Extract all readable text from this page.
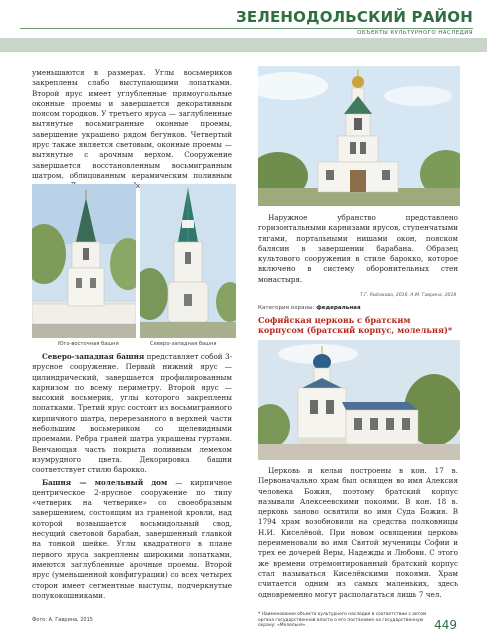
ЗЕЛЕНОДОЛЬСКИЙ РАЙОН
ОБЪЕКТЫ КУЛЬТУРНОГО НАСЛЕДИЯ

уменьшаются в размерах. Углы восьмериков закреплены слабо выступающими лопатками. Второй ярус имеет углубленные прямоугольные оконные проемы и завершается декоративным поясом городков. У третьего яруса — заглубленные вытянутые восьмигранные оконные проемы, завершение украшено рядом бегунков. Четвертый ярус также является световым, оконные проемы — вытянутые с арочным верхом. Сооружение завершается восстановленным восьмигранным шатром, облицованным керамическим поливным

Юго-восточная башня	Северо-западная башня

Северо-западная башня представляет собой 3-ярусное сооружение. Первый нижний ярус — цилиндрический, завершается профилированным карнизом по всему периметру. Второй ярус — высокий восьмерик, углы которого закреплены лопатками. Третий ярус состоит из восьмигранного кирпичного шатра, перерезанного в верхней части небольшим восьмериком со щелевидными проемами. Ребра граней шатра украшены гуртами. Венчающая часть покрыта поливным лемехом изумрудного цвета. Декорировка башни соответствует стилю барокко.

Башня — молельный дом — кирпичное центрическое 2-ярусное сооружение по типу «четверик на четверике» со своеобразным завершением, состоящим из граненой кровли, над которой возвышается восьмидольный свод, несущий световой барабан, завершенный главкой на тонкой шейке. Углы квадратного в плане первого яруса закреплены широкими лопатками, имеются заглубленные арочные проемы. Второй ярус (уменьшенной конфигурации) со всех четырех сторон имеет сегментные выступы, подчеркнутые полукокошниками.

Наружное убранство представлено горизонтальными карнизами ярусов, ступенчатыми тягами, портальными нишами окон, пояском балясин в завершении барабана. Образец культового сооружения в стиле барокко, которое включено в систему оборонительных стен монастыря.

Т.Г. Рыбакова, 2016, А.М. Гаврина, 2018
Категория охраны: федеральная
Софийская церковь с братским корпусом (братский корпус, молельня)*

Церковь и кельи построены в кон. 17 в. Первоначально храм был освящен во имя Алексия человека Божия, поэтому братский корпус называли Алексеевскими покоями. В кон. 18 в. церковь заново освятили во имя Суда Божия. В 1794 храм возобновили на средства полковницы Н.И. Киселёвой. При новом освящении церковь переименовали во имя Святой мученицы Софии и трех ее дочерей Веры, Надежды и Любови. С этого же времени отремонтированный братский корпус стал называться Киселёвскими покоями. Храм считается одним из самых маленьких, здесь одновременно могут располагаться лишь 7 чел.

Фото: А. Гаврина, 2015
* Наименование объекта культурного наследия в соответствии с актом органа государственной власти о его постановке на государственную охрану: «Молельня».	449
